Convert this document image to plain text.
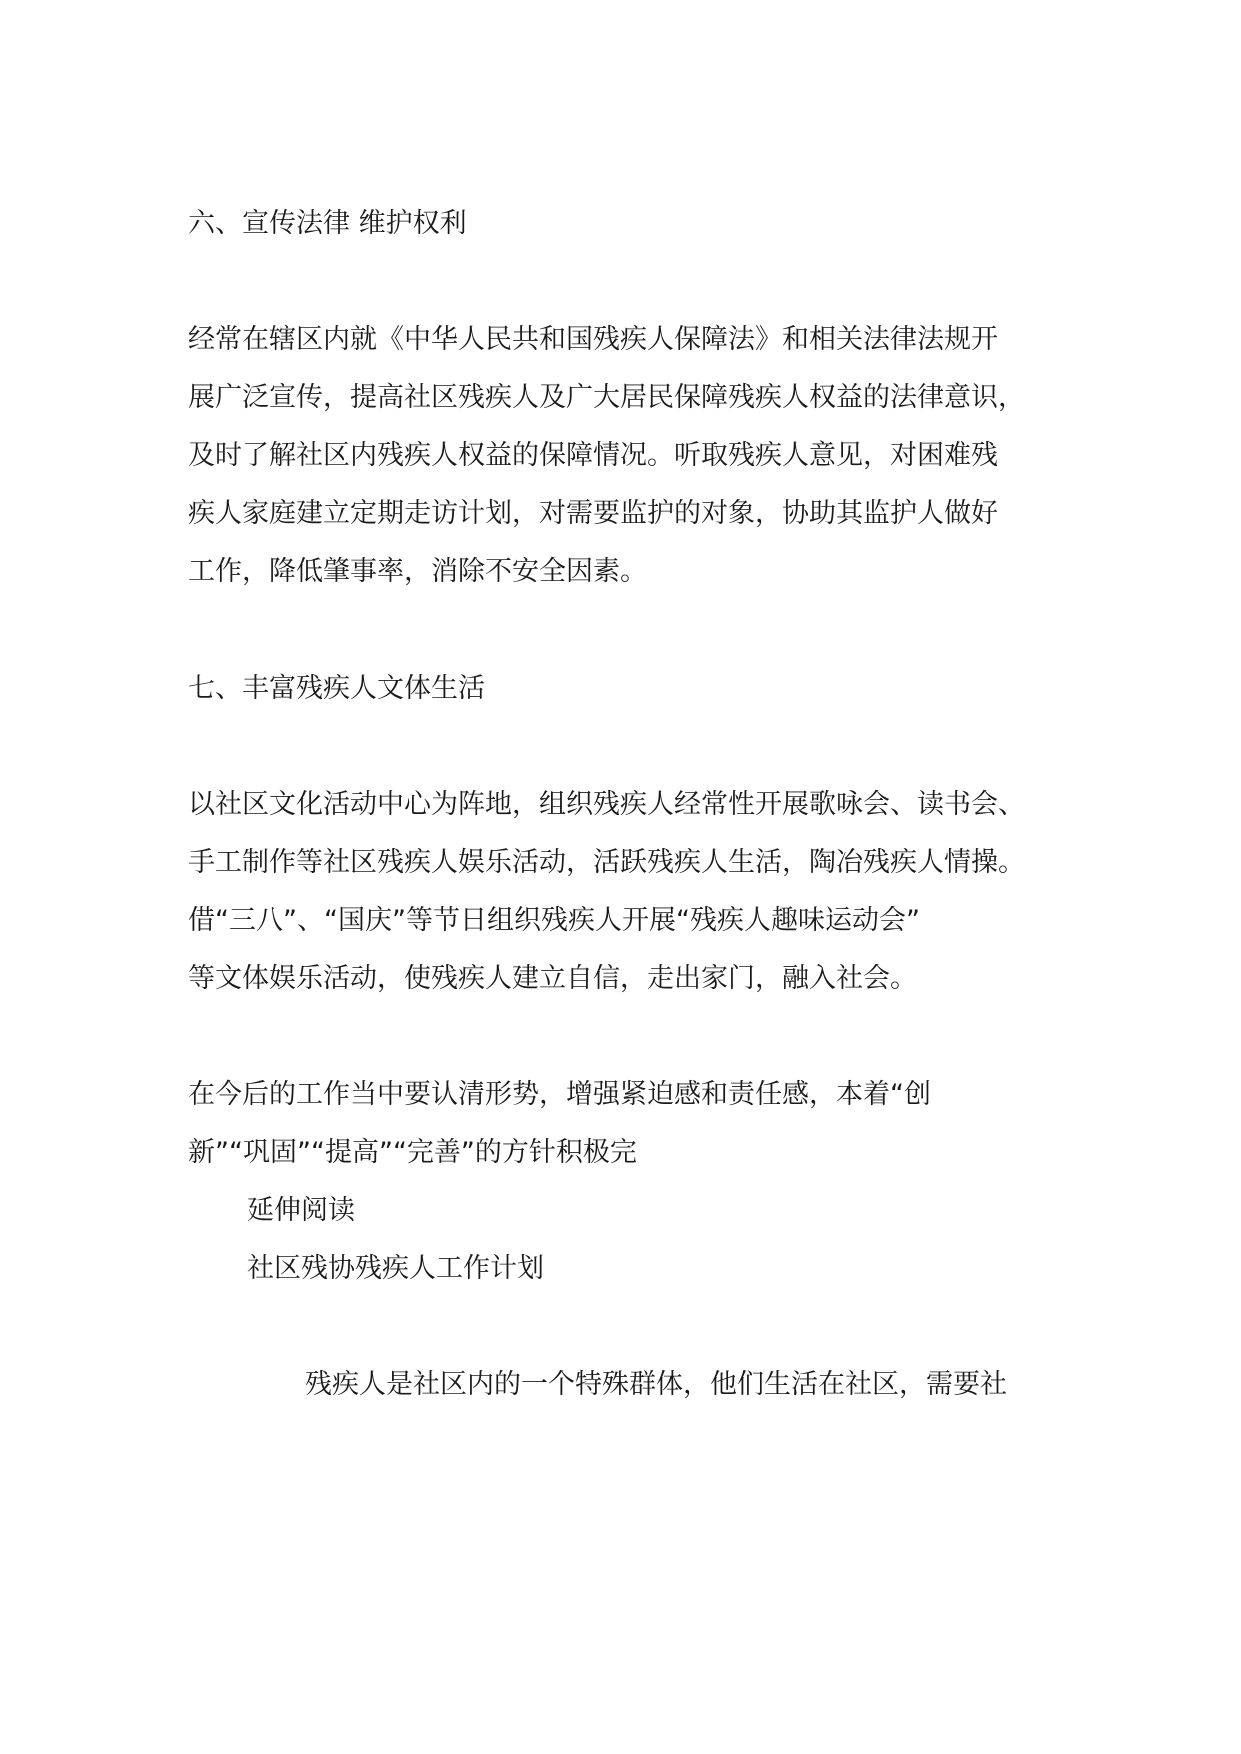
六、宣传法律 维护权利
经常在辖区内就《中华人民共和国残疾人保障法》和相关法律法规开
展广泛宣传，提高社区残疾人及广大居民保障残疾人权益的法律意识，
及时了解社区内残疾人权益的保障情况。听取残疾人意见，对困难残
疾人家庭建立定期走访计划，对需要监护的对象，协助其监护人做好
工作，降低肇事率，消除不安全因素。
七、丰富残疾人文体生活
以社区文化活动中心为阵地，组织残疾人经常性开展歌咏会、读书会、
手工制作等社区残疾人娱乐活动，活跃残疾人生活，陶冶残疾人情操。
借“三八”、“国庆”等节日组织残疾人开展“残疾人趣味运动会”
等文体娱乐活动，使残疾人建立自信，走出家门，融入社会。
在今后的工作当中要认清形势，增强紧迫感和责任感，本着“创
新”“巩固”“提高”“完善”的方针积极完
延伸阅读
社区残协残疾人工作计划
残疾人是社区内的一个特殊群体，他们生活在社区，需要社
